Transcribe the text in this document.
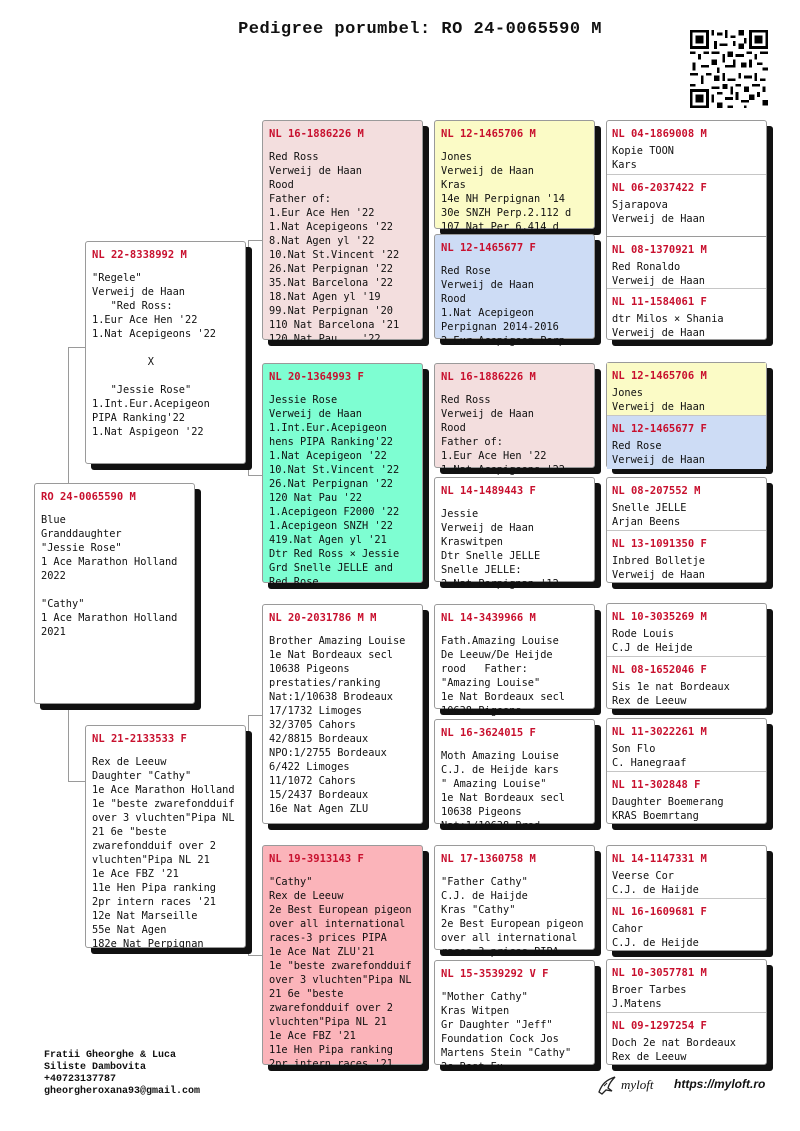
Pedigree porumbel: RO 24-0065590 M
RO 24-0065590 M
Blue
Granddaughter
"Jessie Rose"
1 Ace Marathon Holland
2022

"Cathy"
1 Ace Marathon Holland
2021
NL 22-8338992 M
"Regele"
Verweij de Haan
"Red Ross:
1.Eur Ace Hen '22
1.Nat Acepigeons '22

X

"Jessie Rose"
1.Int.Eur.Acepigeon
PIPA Ranking'22
1.Nat Aspigeon '22
NL 21-2133533 F
Rex de Leeuw
Daughter "Cathy"
1e Ace Marathon Holland
1e "beste zwarefondduif
over 3 vluchten"Pipa NL
21 6e "beste
zwarefondduif over 2
vluchten"Pipa NL 21
1e Ace FBZ '21
11e Hen Pipa ranking
2pr intern races '21
12e Nat Marseille
55e Nat Agen
182e Nat Perpignan
NL 16-1886226 M
Red Ross
Verweij de Haan
Rood
Father of:
1.Eur Ace Hen '22
1.Nat Acepigeons '22
8.Nat Agen yl '22
10.Nat St.Vincent '22
26.Nat Perpignan '22
35.Nat Barcelona '22
18.Nat Agen yl '19
99.Nat Perpignan '20
110 Nat Barcelona '21
120 Nat Pau    '22
NL 20-1364993 F
Jessie Rose
Verweij de Haan
1.Int.Eur.Acepigeon
hens PIPA Ranking'22
1.Nat Acepigeon '22
10.Nat St.Vincent '22
26.Nat Perpignan '22
120 Nat Pau '22
1.Acepigeon F2000 '22
1.Acepigeon SNZH '22
419.Nat Agen yl '21
Dtr Red Ross × Jessie
Grd Snelle JELLE and
Red Rose
NL 20-2031786 M M
Brother Amazing Louise
1e Nat Bordeaux secl
10638 Pigeons
prestaties/ranking
Nat:1/10638 Brodeaux
17/1732 Limoges
32/3705 Cahors
42/8815 Bordeaux
NPO:1/2755 Bordeaux
6/422 Limoges
11/1072 Cahors
15/2437 Bordeaux
16e Nat Agen ZLU
NL 19-3913143 F
"Cathy"
Rex de Leeuw
2e Best European pigeon
over all international
races-3 prices PIPA
1e Ace Nat ZLU'21
1e "beste zwarefondduif
over 3 vluchten"Pipa NL
21 6e "beste
zwarefondduif over 2
vluchten"Pipa NL 21
1e Ace FBZ '21
11e Hen Pipa ranking
2pr intern races '21
NL 12-1465706 M
Jones
Verweij de Haan
Kras
14e NH Perpignan '14
30e SNZH Perp.2.112 d
107 Nat Per 6.414 d
NL 12-1465677 F
Red Rose
Verweij de Haan
Rood
1.Nat Acepigeon
Perpignan 2014-2016
2.Eur Acepigeon Perp
NL 16-1886226 M
Red Ross
Verweij de Haan
Rood
Father of:
1.Eur Ace Hen '22
1.Nat Acepigeons '22
NL 14-1489443 F
Jessie
Verweij de Haan
Kraswitpen
Dtr Snelle JELLE
Snelle JELLE:
2.Nat Perpignan '12
NL 14-3439966 M
Fath.Amazing Louise
De Leeuw/De Heijde
rood   Father:
"Amazing Louise"
1e Nat Bordeaux secl
10638 Pigeons
NL 16-3624015 F
Moth Amazing Louise
C.J. de Heijde kars
" Amazing Louise"
1e Nat Bordeaux secl
10638 Pigeons
Nat:1/10638 Brod
NL 17-1360758 M
"Father Cathy"
C.J. de Haijde
Kras "Cathy"
2e Best European pigeon
over all international
races-3 prices PIPA
NL 15-3539292 V F
"Mother Cathy"
Kras Witpen
Gr Daughter "Jeff"
Foundation Cock Jos
Martens Stein "Cathy"
2e Best Eu
NL 04-1869008 M
Kopie TOON
Kars
NL 06-2037422 F
Sjarapova
Verweij de Haan
NL 08-1370921 M
Red Ronaldo
Verweij de Haan
NL 11-1584061 F
dtr Milos × Shania
Verweij de Haan
NL 12-1465706 M
Jones
Verweij de Haan
NL 12-1465677 F
Red Rose
Verweij de Haan
NL 08-207552 M
Snelle JELLE
Arjan Beens
NL 13-1091350 F
Inbred Bolletje
Verweij de Haan
NL 10-3035269 M
Rode Louis
C.J de Heijde
NL 08-1652046 F
Sis 1e nat Bordeaux
Rex de Leeuw
NL 11-3022261 M
Son Flo
C. Hanegraaf
NL 11-302848 F
Daughter Boemerang
KRAS Boemrtang
NL 14-1147331 M
Veerse Cor
C.J. de Haijde
NL 16-1609681 F
Cahor
C.J. de Heijde
NL 10-3057781 M
Broer Tarbes
J.Matens
NL 09-1297254 F
Doch 2e nat Bordeaux
Rex de Leeuw
Fratii Gheorghe & Luca
Siliste Dambovita
+40723137787
gheorgheroxana93@gmail.com	myloft https://myloft.ro
